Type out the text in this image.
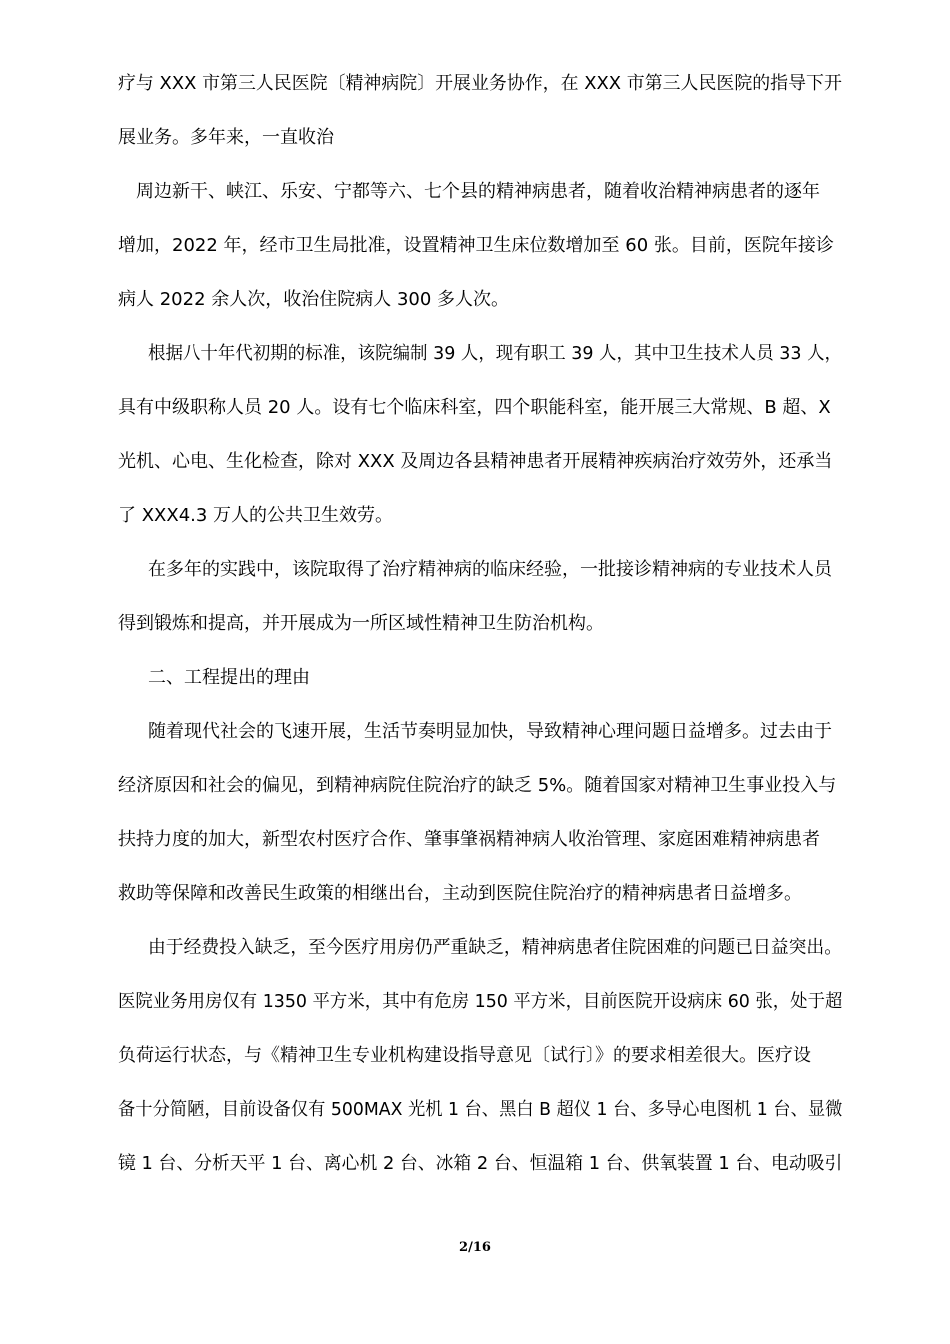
疗与 XXX 市第三人民医院〔精神病院〕开展业务协作，在 XXX 市第三人民医院的指导下开
展业务。多年来，一直收治
周边新干、峡江、乐安、宁都等六、七个县的精神病患者，随着收治精神病患者的逐年
增加，2022 年，经市卫生局批准，设置精神卫生床位数增加至 60 张。目前，医院年接诊
病人 2022 余人次，收治住院病人 300 多人次。
根据八十年代初期的标准，该院编制 39 人，现有职工 39 人，其中卫生技术人员 33 人，
具有中级职称人员 20 人。设有七个临床科室，四个职能科室，能开展三大常规、B 超、X
光机、心电、生化检查，除对 XXX 及周边各县精神患者开展精神疾病治疗效劳外，还承当
了 XXX4.3 万人的公共卫生效劳。
在多年的实践中，该院取得了治疗精神病的临床经验，一批接诊精神病的专业技术人员
得到锻炼和提高，并开展成为一所区域性精神卫生防治机构。
二、工程提出的理由
随着现代社会的飞速开展，生活节奏明显加快，导致精神心理问题日益增多。过去由于
经济原因和社会的偏见，到精神病院住院治疗的缺乏 5%。随着国家对精神卫生事业投入与
扶持力度的加大，新型农村医疗合作、肇事肇祸精神病人收治管理、家庭困难精神病患者
救助等保障和改善民生政策的相继出台，主动到医院住院治疗的精神病患者日益增多。
由于经费投入缺乏，至今医疗用房仍严重缺乏，精神病患者住院困难的问题已日益突出。
医院业务用房仅有 1350 平方米，其中有危房 150 平方米，目前医院开设病床 60 张，处于超
负荷运行状态，与《精神卫生专业机构建设指导意见〔试行〕》的要求相差很大。医疗设
备十分简陋，目前设备仅有 500MAX 光机 1 台、黑白 B 超仪 1 台、多导心电图机 1 台、显微
镜 1 台、分析天平 1 台、离心机 2 台、冰箱 2 台、恒温箱 1 台、供氧装置 1 台、电动吸引
2/16
